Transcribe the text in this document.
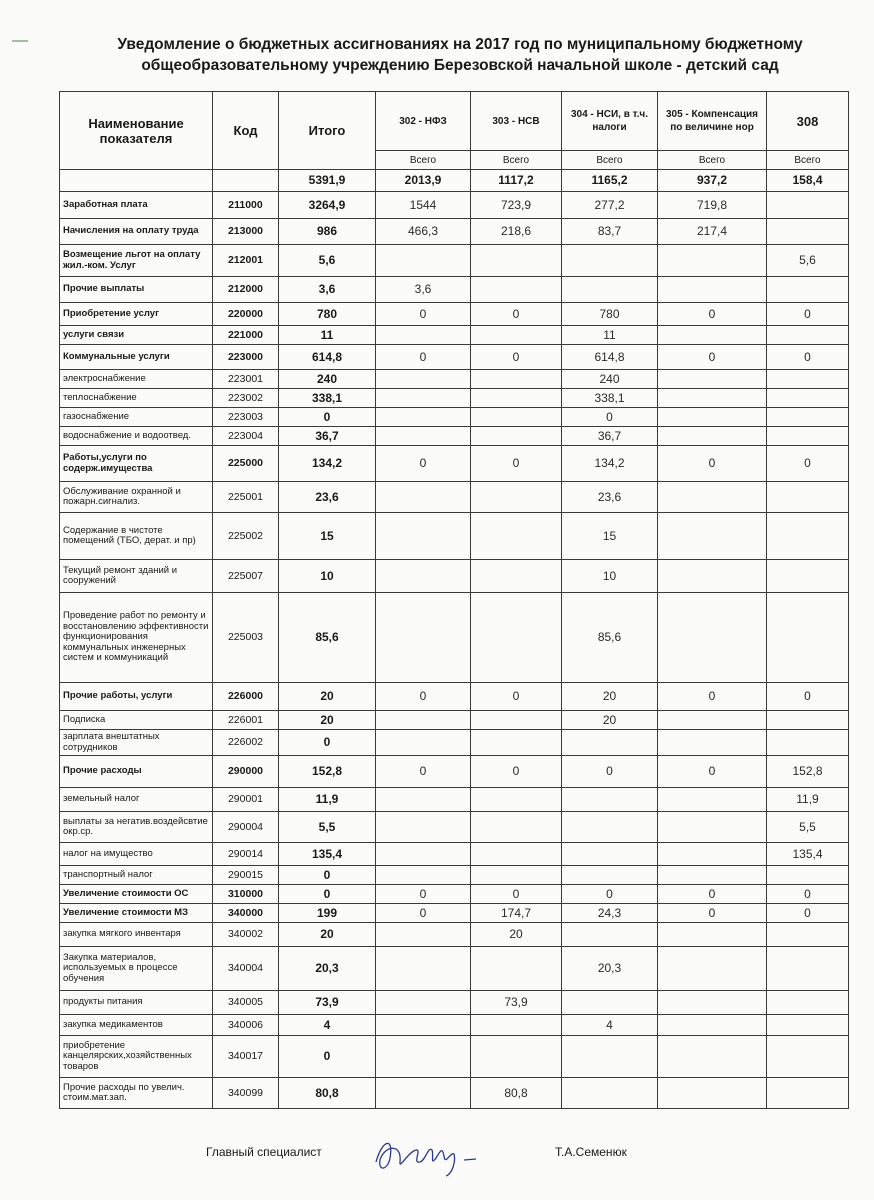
Уведомление о бюджетных ассигнованиях на 2017 год по муниципальному бюджетному
общеобразовательному учреждению Березовской начальной школе - детский сад
Наименование показателя	Код	Итого	302 - НФЗ	303 - НСВ	304 - НСИ, в т.ч. налоги	305 - Компенсация по величине нор	308
			Всего	Всего	Всего	Всего	Всего
		5391,9	2013,9	1117,2	1165,2	937,2	158,4
Заработная плата	211000	3264,9	1544	723,9	277,2	719,8	
Начисления на оплату труда	213000	986	466,3	218,6	83,7	217,4	
Возмещение льгот на оплату жил.-ком. Услуг	212001	5,6					5,6
Прочие выплаты	212000	3,6	3,6				
Приобретение услуг	220000	780	0	0	780	0	0
услуги связи	221000	11			11		
Коммунальные услуги	223000	614,8	0	0	614,8	0	0
электроснабжение	223001	240			240		
теплоснабжение	223002	338,1			338,1		
газоснабжение	223003	0			0		
водоснабжение и водоотвед.	223004	36,7			36,7		
Работы,услуги по содерж.имущества	225000	134,2	0	0	134,2	0	0
Обслуживание охранной и пожарн.сигнализ.	225001	23,6			23,6		
Содержание в чистоте помещений (ТБО, дерат. и пр)	225002	15			15		
Текущий ремонт зданий и сооружений	225007	10			10		
Проведение работ по ремонту и восстановлению эффективности функционирования коммунальных инженерных систем и коммуникаций	225003	85,6			85,6		
Прочие работы, услуги	226000	20	0	0	20	0	0
Подписка	226001	20			20		
зарплата внештатных сотрудников	226002	0					
Прочие расходы	290000	152,8	0	0	0	0	152,8
земельный налог	290001	11,9					11,9
выплаты за негатив.воздейсвтие окр.ср.	290004	5,5					5,5
налог на имущество	290014	135,4					135,4
транспортный налог	290015	0					
Увеличение стоимости ОС	310000	0	0	0	0	0	0
Увеличение стоимости МЗ	340000	199	0	174,7	24,3	0	0
закупка мягкого инвентаря	340002	20		20			
Закупка материалов, используемых в процессе обучения	340004	20,3			20,3		
продукты питания	340005	73,9		73,9			
закупка медикаментов	340006	4			4		
приобретение канцелярских,хозяйственных товаров	340017	0					
Прочие расходы по увелич. стоим.мат.зап.	340099	80,8		80,8			
Главный специалист	Т.А.Семенюк
